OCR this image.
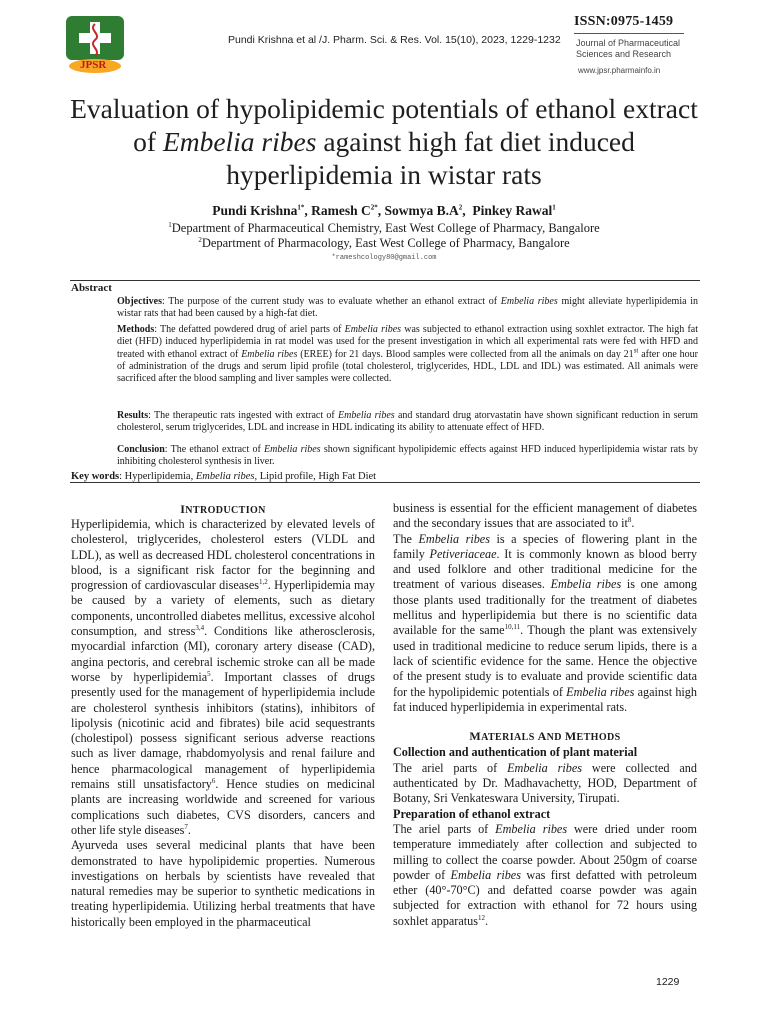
JPSR
Pundi Krishna et al /J. Pharm. Sci. & Res. Vol. 15(10), 2023, 1229-1232
ISSN:0975-1459
Journal of Pharmaceutical
Sciences and Research
www.jpsr.pharmainfo.in
Evaluation of hypolipidemic potentials of ethanol extract of Embelia ribes against high fat diet induced hyperlipidemia in wistar rats
Pundi Krishna$^{1*}$, Ramesh $C^{2*}$, Sowmya $B.A^2$,  Pinkey Rawal$^1$
$^1$Department of Pharmaceutical Chemistry, East West College of Pharmacy, Bangalore
$^2$Department of Pharmacology, East West College of Pharmacy, Bangalore
*rameshcology80@gmail.com
Abstract
Objectives: The purpose of the current study was to evaluate whether an ethanol extract of Embelia ribes might alleviate hyperlipidemia in wistar rats that had been caused by a high-fat diet.
Methods: The defatted powdered drug of ariel parts of Embelia ribes was subjected to ethanol extraction using soxhlet extractor. The high fat diet (HFD) induced hyperlipidemia in rat model was used for the present investigation in which all experimental rats were fed with HFD and treated with ethanol extract of Embelia ribes (EREE) for 21 days. Blood samples were collected from all the animals on day 21st after one hour of administration of the drugs and serum lipid profile (total cholesterol, triglycerides, HDL, LDL and IDL) was estimated. All animals were sacrificed after the blood sampling and liver samples were collected.
Results: The therapeutic rats ingested with extract of Embelia ribes and standard drug atorvastatin have shown significant reduction in serum cholesterol, serum triglycerides, LDL and increase in HDL indicating its ability to attenuate effect of HFD.
Conclusion: The ethanol extract of Embelia ribes shown significant hypolipidemic effects against HFD induced hyperlipidemia wistar rats by inhibiting cholesterol synthesis in liver.
Key words: Hyperlipidemia, Embelia ribes, Lipid profile, High Fat Diet
INTRODUCTION
Hyperlipidemia, which is characterized by elevated levels of cholesterol, triglycerides, cholesterol esters (VLDL and LDL), as well as decreased HDL cholesterol concentrations in blood, is a significant risk factor for the beginning and progression of cardiovascular diseases$^{1,2}$. Hyperlipidemia may be caused by a variety of elements, such as dietary components, uncontrolled diabetes mellitus, excessive alcohol consumption, and stress$^{3,4}$. Conditions like atherosclerosis, myocardial infarction (MI), coronary artery disease (CAD), angina pectoris, and cerebral ischemic stroke can all be made worse by hyperlipidemia$^5$. Important classes of drugs presently used for the management of hyperlipidemia include are cholesterol synthesis inhibitors (statins), inhibitors of lipolysis (nicotinic acid and fibrates) bile acid sequestrants (cholestipol) possess significant serious adverse reactions such as liver damage, rhabdomyolysis and renal failure and hence pharmacological management of hyperlipidemia remains still unsatisfactory$^6$. Hence studies on medicinal plants are increasing worldwide and screened for various complications such diabetes, CVS disorders, cancers and other life style diseases$^7$.
Ayurveda uses several medicinal plants that have been demonstrated to have hypolipidemic properties. Numerous investigations on herbals by scientists have revealed that natural remedies may be superior to synthetic medications in treating hyperlipidemia. Utilizing herbal treatments that have historically been employed in the pharmaceutical
business is essential for the efficient management of diabetes and the secondary issues that are associated to $it^8$.
The Embelia ribes is a species of flowering plant in the family Petiveriaceae. It is commonly known as blood berry and used folklore and other traditional medicine for the treatment of various diseases. Embelia ribes is one among those plants used traditionally for the treatment of diabetes mellitus and hyperlipidemia but there is no scientific data available for the same$^{10,11}$. Though the plant was extensively used in traditional medicine to reduce serum lipids, there is a lack of scientific evidence for the same. Hence the objective of the present study is to evaluate and provide scientific data for the hypolipidemic potentials of Embelia ribes against high fat induced hyperlipidemia in experimental rats.
MATERIALS AND METHODS
Collection and authentication of plant material
The ariel parts of Embelia ribes were collected and authenticated by Dr. Madhavachetty, HOD, Department of Botany, Sri Venkateswara University, Tirupati.
Preparation of ethanol extract
The ariel parts of Embelia ribes were dried under room temperature immediately after collection and subjected to milling to collect the coarse powder. About 250gm of coarse powder of Embelia ribes was first defatted with petroleum ether (40°-70°C) and defatted coarse powder was again subjected for extraction with ethanol for 72 hours using soxhlet apparatus$^{12}$.
1229
